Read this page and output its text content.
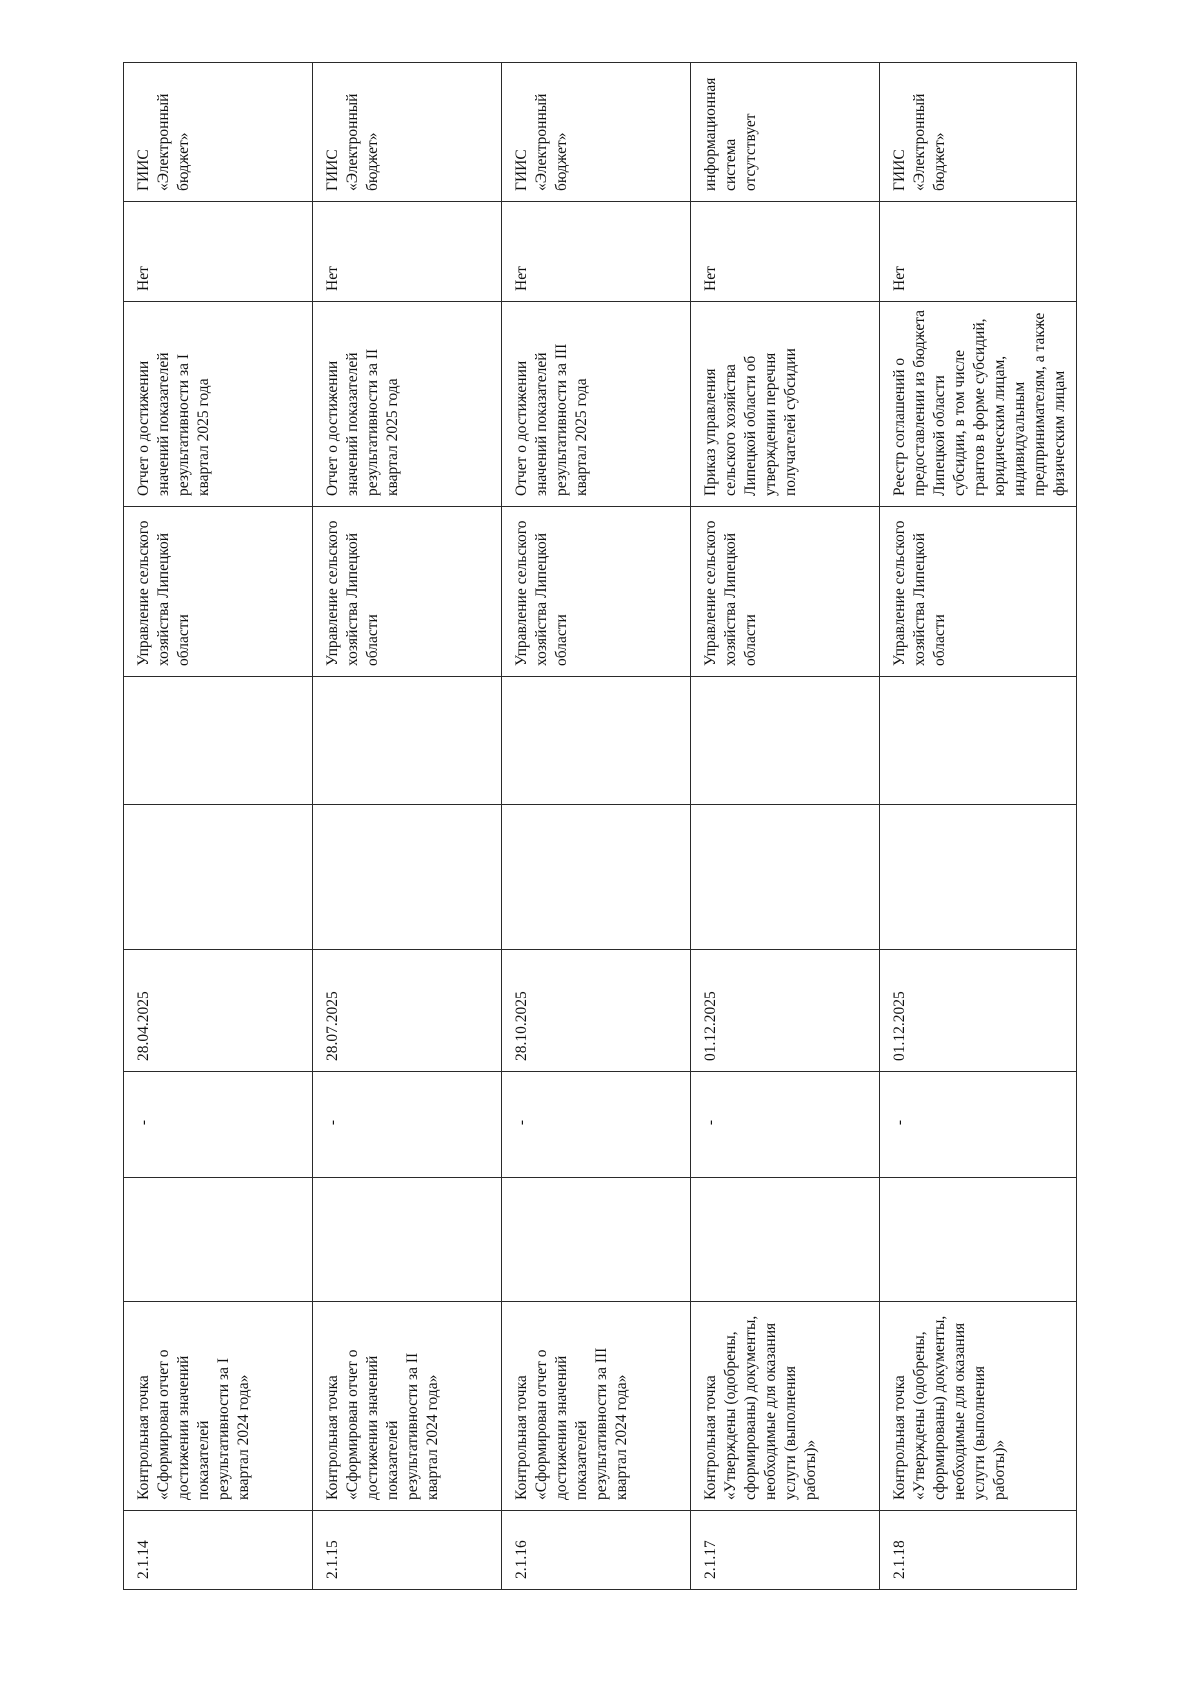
2.1.14	Контрольная точка «Сформирован отчет о достижении значений показателей результативности за I квартал 2024 года»		-	28.04.2025			Управление сельского хозяйства Липецкой области	Отчет о достижении значений показателей результативности за I квартал 2025 года	Нет	ГИИС «Электронный бюджет»
2.1.15	Контрольная точка «Сформирован отчет о достижении значений показателей результативности за II квартал 2024 года»		-	28.07.2025			Управление сельского хозяйства Липецкой области	Отчет о достижении значений показателей результативности за II квартал 2025 года	Нет	ГИИС «Электронный бюджет»
2.1.16	Контрольная точка «Сформирован отчет о достижении значений показателей результативности за III квартал 2024 года»		-	28.10.2025			Управление сельского хозяйства Липецкой области	Отчет о достижении значений показателей результативности за III квартал 2025 года	Нет	ГИИС «Электронный бюджет»
2.1.17	Контрольная точка «Утверждены (одобрены, сформированы) документы, необходимые для оказания услуги (выполнения работы)»		-	01.12.2025			Управление сельского хозяйства Липецкой области	Приказ управления сельского хозяйства Липецкой области об утверждении перечня получателей субсидии	Нет	информационная система отсутствует
2.1.18	Контрольная точка «Утверждены (одобрены, сформированы) документы, необходимые для оказания услуги (выполнения работы)»		-	01.12.2025			Управление сельского хозяйства Липецкой области	Реестр соглашений о предоставлении из бюджета Липецкой области субсидии, в том числе грантов в форме субсидий, юридическим лицам, индивидуальным предпринимателям, а также физическим лицам	Нет	ГИИС «Электронный бюджет»
